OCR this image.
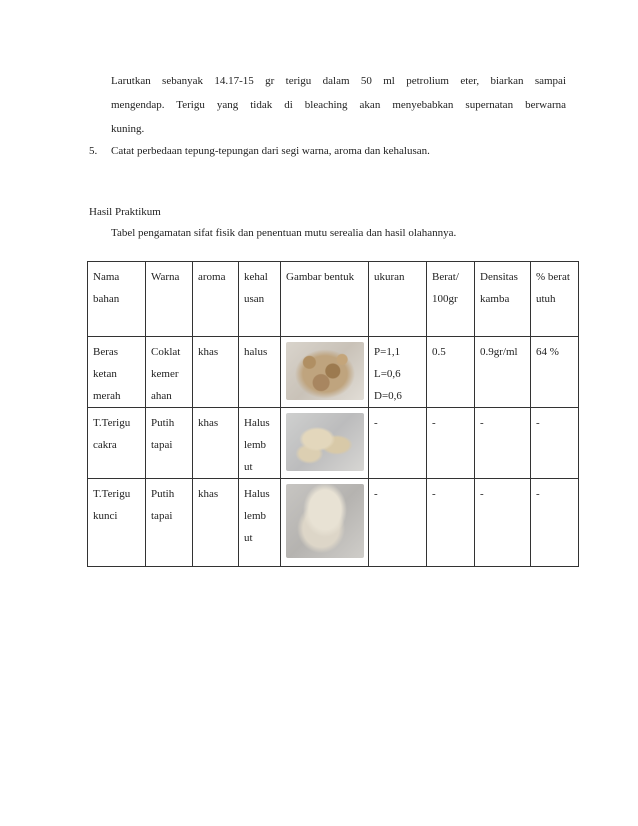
Larutkan sebanyak 14.17-15 gr terigu dalam 50 ml petrolium eter, biarkan sampai
mengendap. Terigu yang tidak di bleaching akan menyebabkan supernatan berwarna
kuning.
5. Catat perbedaan tepung-tepungan dari segi warna, aroma dan kehalusan.
Hasil Praktikum
Tabel pengamatan sifat fisik dan penentuan mutu serealia dan hasil olahannya.
Nama bahan	Warna	aroma	kehal usan	Gambar bentuk	ukuran	Berat/ 100gr	Densitas kamba	% berat utuh
Beras ketan merah	Coklat kemer ahan	khas	halus		P=1,1 L=0,6 D=0,6	0.5	0.9gr/ml	64 %
T.Terigu cakra	Putih tapai	khas	Halus lemb ut		-	-	-	-
T.Terigu kunci	Putih tapai	khas	Halus lemb ut		-	-	-	-
